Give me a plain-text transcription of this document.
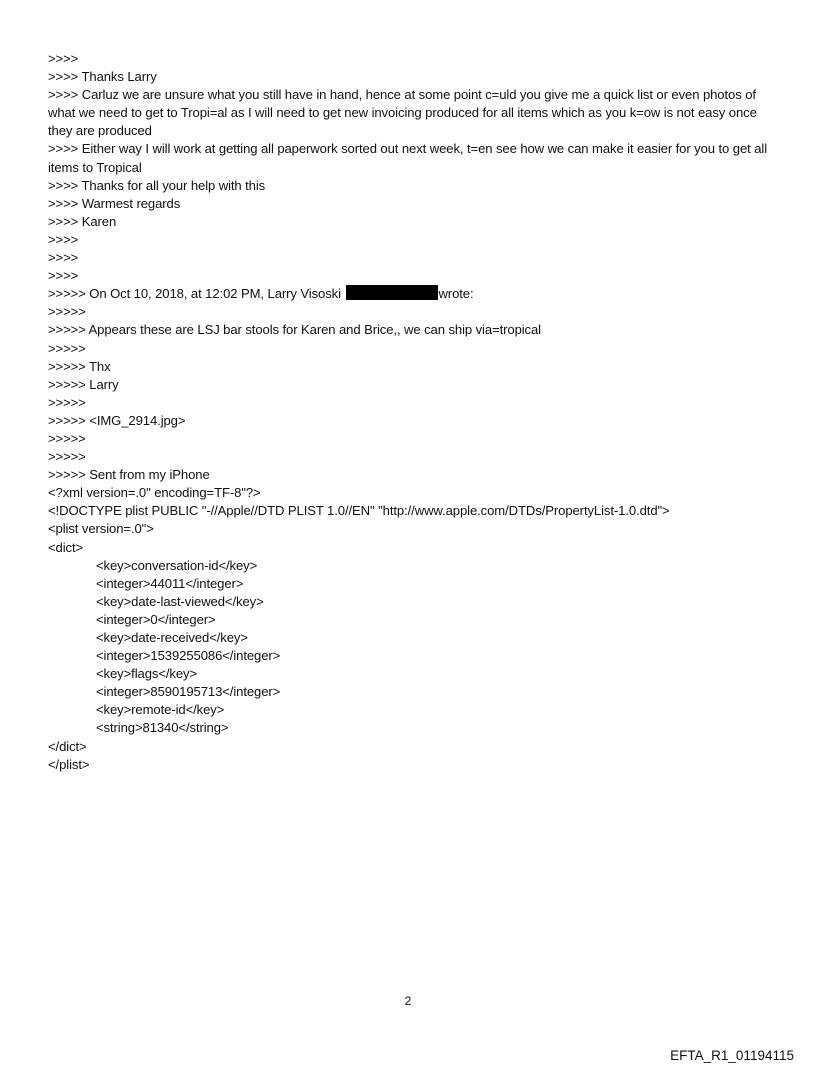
>>>>
>>>> Thanks Larry
>>>> Carluz we are unsure what you still have in hand, hence at some point c=uld you give me a quick list or even photos of what we need to get to Tropi=al as I will need to get new invoicing produced for all items which as you k=ow is not easy once they are produced
>>>> Either way I will work at getting all paperwork sorted out next week, t=en see how we can make it easier for you to get all items to Tropical
>>>> Thanks for all your help with this
>>>> Warmest regards
>>>> Karen
>>>>
>>>>
>>>>
>>>>> On Oct 10, 2018, at 12:02 PM, Larry Visoski	wrote:
>>>>>
>>>>> Appears these are LSJ bar stools for Karen and Brice,, we can ship via=tropical
>>>>>
>>>>> Thx
>>>>> Larry
>>>>>
>>>>> <IMG_2914.jpg>
>>>>>
>>>>>
>>>>> Sent from my iPhone
<?xml version=.0" encoding=TF-8"?>
<!DOCTYPE plist PUBLIC "-//Apple//DTD PLIST 1.0//EN" "http://www.apple.com/DTDs/PropertyList-1.0.dtd">
<plist version=.0">
<dict>
<key>conversation-id</key>
<integer>44011</integer>
<key>date-last-viewed</key>
<integer>0</integer>
<key>date-received</key>
<integer>1539255086</integer>
<key>flags</key>
<integer>8590195713</integer>
<key>remote-id</key>
<string>81340</string>
</dict>
</plist>
2
EFTA_R1_01194115
